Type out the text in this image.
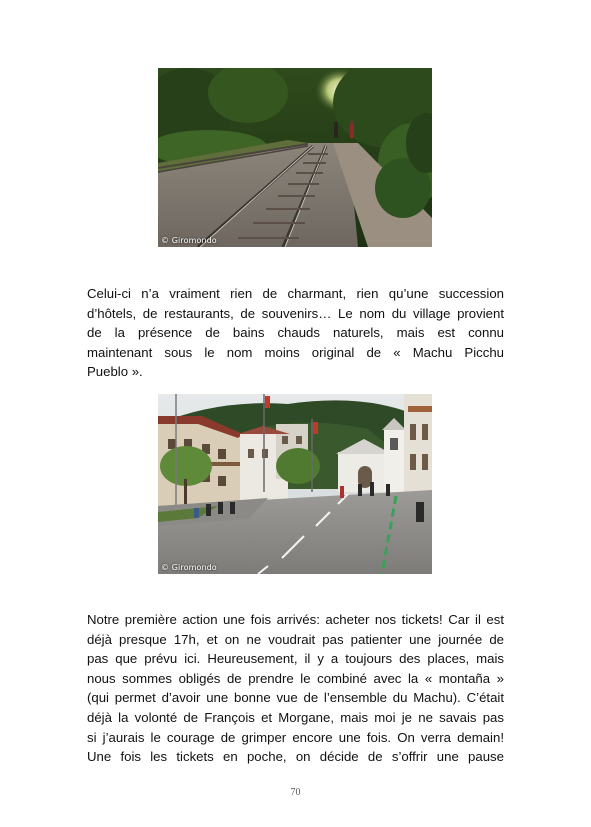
© Giromondo
Celui-ci n’a vraiment rien de charmant, rien qu’une succession
d’hôtels, de restaurants, de souvenirs… Le nom du village provient
de la présence de bains chauds naturels, mais est connu
maintenant sous le nom moins original de « Machu Picchu
Pueblo ».
© Giromondo
Notre première action une fois arrivés: acheter nos tickets! Car il est
déjà presque 17h, et on ne voudrait pas patienter une journée de
pas que prévu ici. Heureusement, il y a toujours des places, mais
nous sommes obligés de prendre le combiné avec la « montaña »
(qui permet d’avoir une bonne vue de l’ensemble du Machu). C’était
déjà la volonté de François et Morgane, mais moi je ne savais pas
si j’aurais le courage de grimper encore une fois. On verra demain!
Une fois les tickets en poche, on décide de s’offrir une pause
70
